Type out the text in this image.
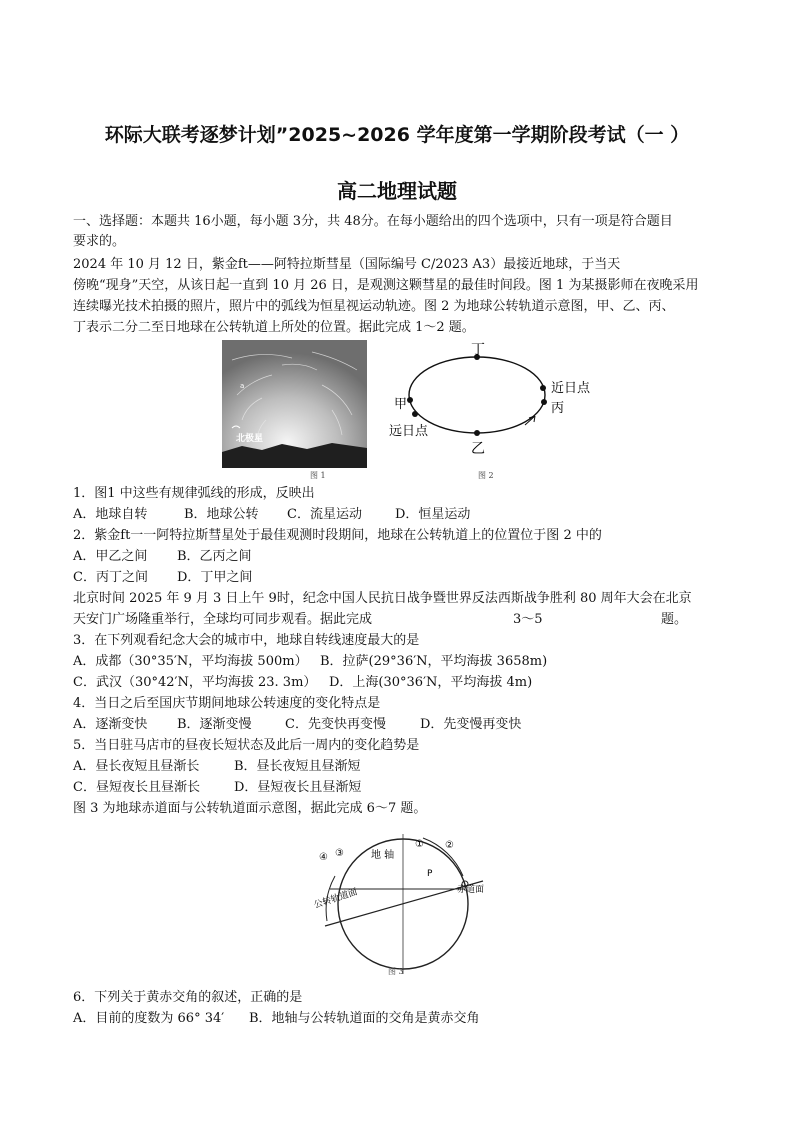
环际大联考逐梦计划”2025~2026 学年度第一学期阶段考试（一 ）
高二地理试题
一、选择题：本题共 16小题，每小题 3分，共 48分。在每小题给出的四个选项中，只有一项是符合题目
要求的。
2024 年 10 月 12 日，紫金ft——阿特拉斯彗星（国际编号 C/2023 A3）最接近地球，于当天
傍晚“现身”天空，从该日起一直到 10 月 26 日，是观测这颗彗星的最佳时间段。图 1 为某摄影师在夜晚采用
连续曝光技术拍摄的照片，照片中的弧线为恒星视运动轨迹。图 2 为地球公转轨道示意图，甲、乙、丙、
丁表示二分二至日地球在公转轨道上所处的位置。据此完成 1～2 题。
a
北极星
图 1
丁
甲
乙
丙
近日点
远日点
图 2
1．图1 中这些有规律弧线的形成，反映出
A．地球自转	B．地球公转 C．流星运动	D．恒星运动
2．紫金ft一一阿特拉斯彗星处于最佳观测时段期间，地球在公转轨道上的位置位于图 2 中的
A．甲乙之间 B．乙丙之间
C．丙丁之间 D．丁甲之间
北京时间 2025 年 9 月 3 日上午 9时，纪念中国人民抗日战争暨世界反法西斯战争胜利 80 周年大会在北京
天安门广场隆重举行，全球均可同步观看。据此完成	3～5	题。
3．在下列观看纪念大会的城市中，地球自转线速度最大的是
A．成都（30°35′N，平均海拔 500m） B．拉萨(29°36′N，平均海拔 3658m)
C．武汉（30°42′N，平均海拔 23. 3m） D．上海(30°36′N，平均海拔 4m)
4．当日之后至国庆节期间地球公转速度的变化特点是
A．逐渐变快 B．逐渐变慢	C．先变快再变慢	D．先变慢再变快
5．当日驻马店市的昼夜长短状态及此后一周内的变化趋势是
A．昼长夜短且昼渐长	B．昼长夜短且昼渐短
C．昼短夜长且昼渐长	D．昼短夜长且昼渐短
图 3 为地球赤道面与公转轨道面示意图，据此完成 6～7 题。
地 轴
P
赤道面
公转轨道面
④ ③
① ②
图 3
6．下列关于黄赤交角的叙述，正确的是
A．目前的度数为 66° 34′ B．地轴与公转轨道面的交角是黄赤交角
